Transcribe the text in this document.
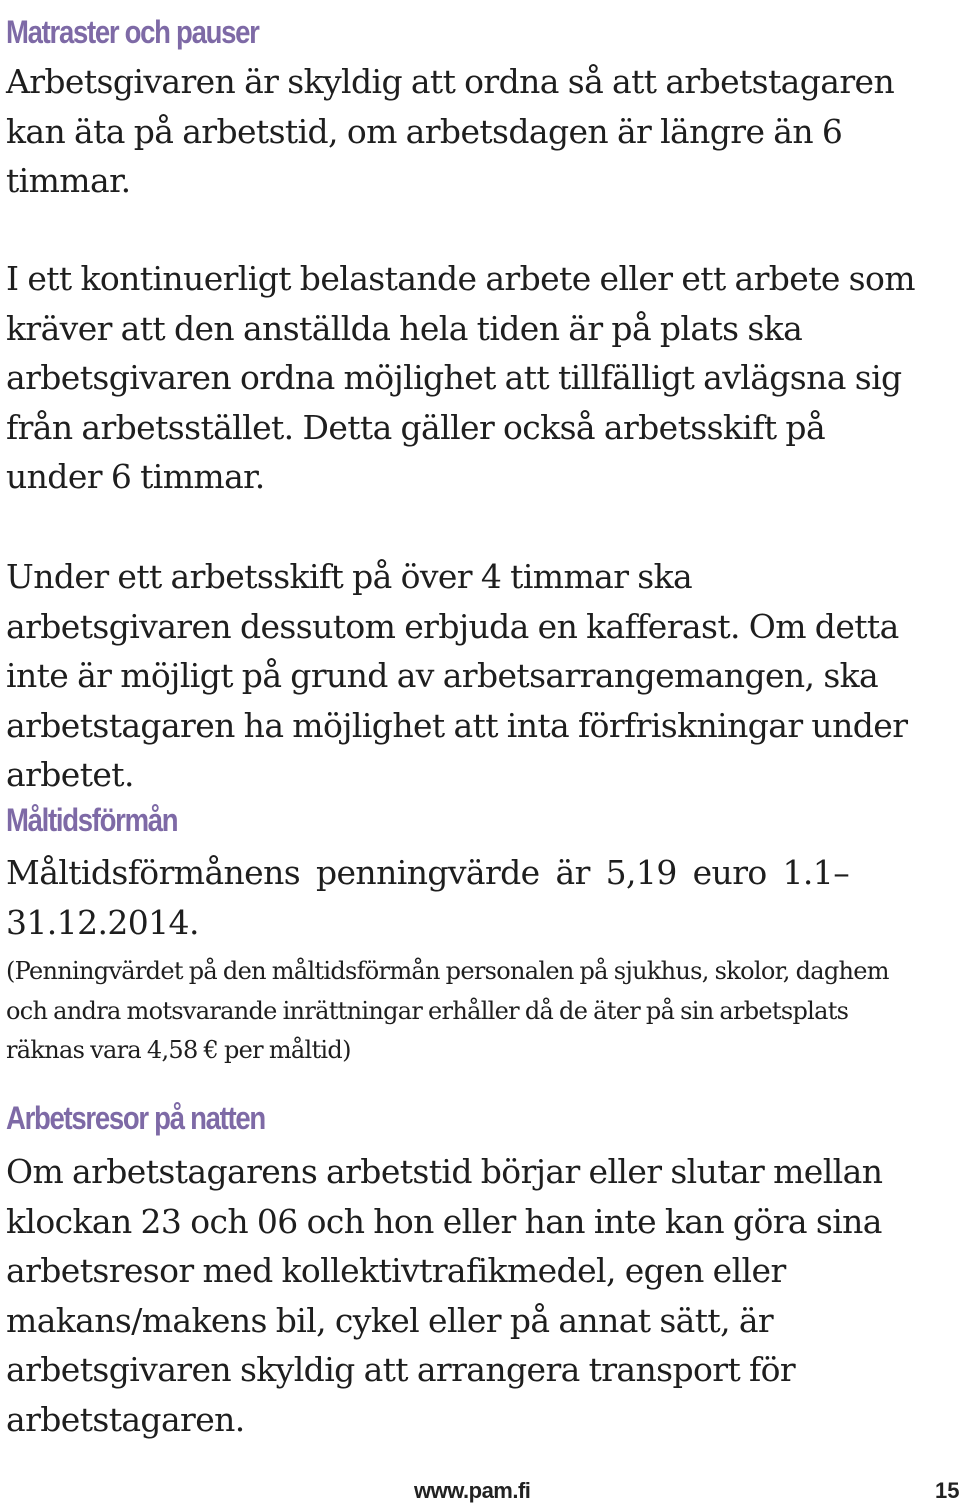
Matraster och pauser

Arbetsgivaren är skyldig att ordna så att arbetstagaren kan äta på arbetstid, om arbetsdagen är längre än 6 timmar.

I ett kontinuerligt belastande arbete eller ett arbete som kräver att den anställda hela tiden är på plats ska arbetsgivaren ordna möjlighet att tillfälligt avlägsna sig från arbetsstället. Detta gäller också arbetsskift på under 6 timmar.

Under ett arbetsskift på över 4 timmar ska arbetsgivaren dessutom erbjuda en kafferast. Om detta inte är möjligt på grund av arbetsarrangemangen, ska arbetstagaren ha möjlighet att inta förfriskningar under arbetet.

Måltidsförmån

Måltidsförmånens penningvärde är 5,19 euro 1.1–31.12.2014.

(Penningvärdet på den måltidsförmån personalen på sjukhus, skolor, daghem och andra motsvarande inrättningar erhåller då de äter på sin arbetsplats räknas vara 4,58 € per måltid)

Arbetsresor på natten

Om arbetstagarens arbetstid börjar eller slutar mellan klockan 23 och 06 och hon eller han inte kan göra sina arbetsresor med kollektivtrafikmedel, egen eller makans/makens bil, cykel eller på annat sätt, är arbetsgivaren skyldig att arrangera transport för arbetstagaren.

www.pam.fi	15
